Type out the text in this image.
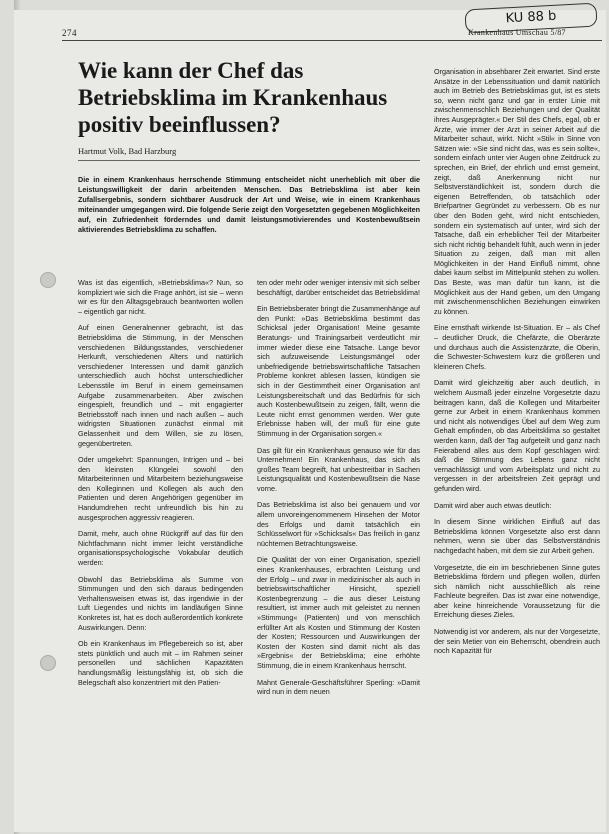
KU 88 b
274	Krankenhaus Umschau 5/87
Wie kann der Chef das Betriebsklima im Krankenhaus positiv beeinflussen?
Hartmut Volk, Bad Harzburg
Die in einem Krankenhaus herrschende Stimmung entscheidet nicht unerheblich mit über die Leistungswilligkeit der darin arbeitenden Menschen. Das Betriebsklima ist aber kein Zufallsergebnis, sondern sichtbarer Ausdruck der Art und Weise, wie in einem Krankenhaus miteinander umgegangen wird. Die folgende Serie zeigt den Vorgesetzten gegebenen Möglichkeiten auf, ein Zufriedenheit förderndes und damit leistungsmotivierendes und Kostenbewußtsein aktivierendes Betriebsklima zu schaffen.

Was ist das eigentlich, »Betriebsklima«? Nun, so kompliziert wie sich die Frage anhört, ist sie – wenn wir es für den Alltagsgebrauch beantworten wollen – eigentlich gar nicht.

Auf einen Generalnenner gebracht, ist das Betriebsklima die Stimmung, in der Menschen verschiedenen Bildungsstandes, verschiedener Herkunft, verschiedenen Alters und natürlich verschiedener Interessen und damit gänzlich unterschiedlich auch höchst unterschiedlicher Lebensstile im Beruf in einem gemeinsamen Aufgabe zusammenarbeiten. Aber zwischen eingespielt, freundlich und – mit engagierter Betriebsstoff nach innen und nach außen – auch widrigsten Situationen zunächst einmal mit Gelassenheit und dem Willen, sie zu lösen, gegenübertreten.

Oder umgekehrt: Spannungen, Intrigen und – bei den kleinsten Klüngelei sowohl den Mitarbeiterinnen und Mitarbeitern beziehungsweise den Kolleginnen und Kollegen als auch den Patienten und deren Angehörigen gegenüber im Handumdrehen recht unfreundlich bis hin zu ausgesprochen aggressiv reagieren.

Damit, mehr, auch ohne Rückgriff auf das für den Nichtfachmann nicht immer leicht verständliche organisationspsychologische Vokabular deutlich werden:

Obwohl das Betriebsklima als Summe von Stimmungen und den sich daraus bedingenden Verhaltensweisen etwas ist, das irgendwie in der Luft Liegendes und nichts im landläufigen Sinne Konkretes ist, hat es doch außerordentlich konkrete Auswirkungen. Denn:

Ob ein Krankenhaus im Pflegebereich so ist, aber stets pünktlich und auch mit – im Rahmen seiner personellen und sächlichen Kapazitäten handlungsmäßig leistungsfähig ist, ob sich die Belegschaft also konzentriert mit den Patien-

ten oder mehr oder weniger intensiv mit sich selber beschäftigt, darüber entscheidet das Betriebsklima!

Ein Betriebsberater bringt die Zusammenhänge auf den Punkt: »Das Betriebsklima bestimmt das Schicksal jeder Organisation! Meine gesamte Beratungs- und Trainingsarbeit verdeutlicht mir immer wieder diese eine Tatsache. Lange bevor sich aufzuweisende Leistungsmängel oder unbefriedigende betriebswirtschaftliche Tatsachen Probleme konkret ablesen lassen, kündigen sie sich in der Gestimmtheit einer Organisation an! Leistungsbereitschaft und das Bedürfnis für sich auch Kostenbewußtsein zu zeigen, fällt, wenn die Leute nicht ernst genommen werden. Wer gute Erlebnisse haben will, der muß für eine gute Stimmung in der Organisation sorgen.«

Das gilt für ein Krankenhaus genauso wie für das Unternehmen! Ein Krankenhaus, das sich als großes Team begreift, hat unbestreitbar in Sachen Leistungsqualität und Kostenbewußtsein die Nase vorne.

Das Betriebsklima ist also bei genauem und vor allem unvoreingenommenem Hinsehen der Motor des Erfolgs und damit tatsächlich ein Schlüsselwort für »Schicksals« Das freilich in ganz nüchternen Betrachtungsweise.

Die Qualität der von einer Organisation, speziell eines Krankenhauses, erbrachten Leistung und der Erfolg – und zwar in medizinischer als auch in betriebswirtschaftlicher Hinsicht, speziell Kostenbegrenzung – die aus dieser Leistung resultiert, ist immer auch mit geleistet zu nennen »Stimmung« (Patienten) und von menschlich erfüllter Art als Kosten und Stimmung der Kosten der Kosten; Ressourcen und Auswirkungen der Kosten der Kosten sind damit nicht als das »Ergebnis« der Betriebsklima; eine erhöhte Stimmung, die in einem Krankenhaus herrscht.

Mahnt Generale-Geschäftsführer Sperling: »Damit wird nun in dem neuen

Organisation in absehbarer Zeit erwartet. Sind erste Ansätze in der Lebenssituation und damit natürlich auch im Betrieb des Betriebsklimas gut, ist es stets so, wenn nicht ganz und gar in erster Linie mit zwischenmenschlich Beziehungen und der Qualität ihres Ausgeprägter.« Der Stil des Chefs, egal, ob er Ärzte, wie immer der Arzt in seiner Arbeit auf die Mitarbeiter schaut, wirkt. Nicht »Stil« in Sinne von Sätzen wie: »Sie sind nicht das, was es sein sollte«, sondern einfach unter vier Augen ohne Zeitdruck zu sprechen, ein Brief, der ehrlich und ernst gemeint, zeigt, daß Anerkennung nicht nur Selbstverständlichkeit ist, sondern durch die eigenen Betreffenden, ob tatsächlich oder Briefpartner Gegründet zu verbessern. Ob es nur über den Boden geht, wird nicht entschieden, sondern ein systematisch auf unter, wird sich der Tatsache, daß ein erheblicher Teil der Mitarbeiter sich nicht richtig behandelt fühlt, auch wenn in jeder Situation zu zeigen, daß man mit allen Möglichkeiten in der Hand Einfluß nimmt, ohne dabei kaum selbst im Mittelpunkt stehen zu wollen. Das Beste, was man dafür tun kann, ist die Möglichkeit aus der Hand geben, um den Umgang mit zwischenmenschlichen Beziehungen einwirken zu können.

Eine ernsthaft wirkende Ist-Situation. Er – als Chef – deutlicher Druck, die Chefärzte, die Oberärzte und durchaus auch die Assistenzärzte, die Oberin, die Schwester-Schwestern kurz die größeren und kleineren Chefs.

Damit wird gleichzeitig aber auch deutlich, in welchem Ausmaß jeder einzelne Vorgesetzte dazu beitragen kann, daß die Kollegen und Mitarbeiter gerne zur Arbeit in einem Krankenhaus kommen und nicht als notwendiges Übel auf dem Weg zum Gehalt empfinden, ob das Arbeitsklima so gestaltet werden kann, daß der Tag aufgeteilt und ganz nach Feierabend alles aus dem Kopf geschlagen wird: daß die Stimmung des Lebens ganz nicht vernachlässigt und vom Arbeitsplatz und nicht zu vergessen in der arbeitsfreien Zeit geprägt und gefunden wird.

Damit wird aber auch etwas deutlich:

In diesem Sinne wirklichen Einfluß auf das Betriebsklima können Vorgesetzte also erst dann nehmen, wenn sie über das Selbstverständnis nachgedacht haben, mit dem sie zur Arbeit gehen.

Vorgesetzte, die ein im beschriebenen Sinne gutes Betriebsklima fördern und pflegen wollen, dürfen sich nämlich nicht ausschließlich als reine Fachleute begreifen. Das ist zwar eine notwendige, aber keine hinreichende Voraussetzung für die Erreichung dieses Zieles.

Notwendig ist vor anderem, als nur der Vorgesetzte, der sein Metier von ein Beherrscht, obendrein auch noch Kapazität für
